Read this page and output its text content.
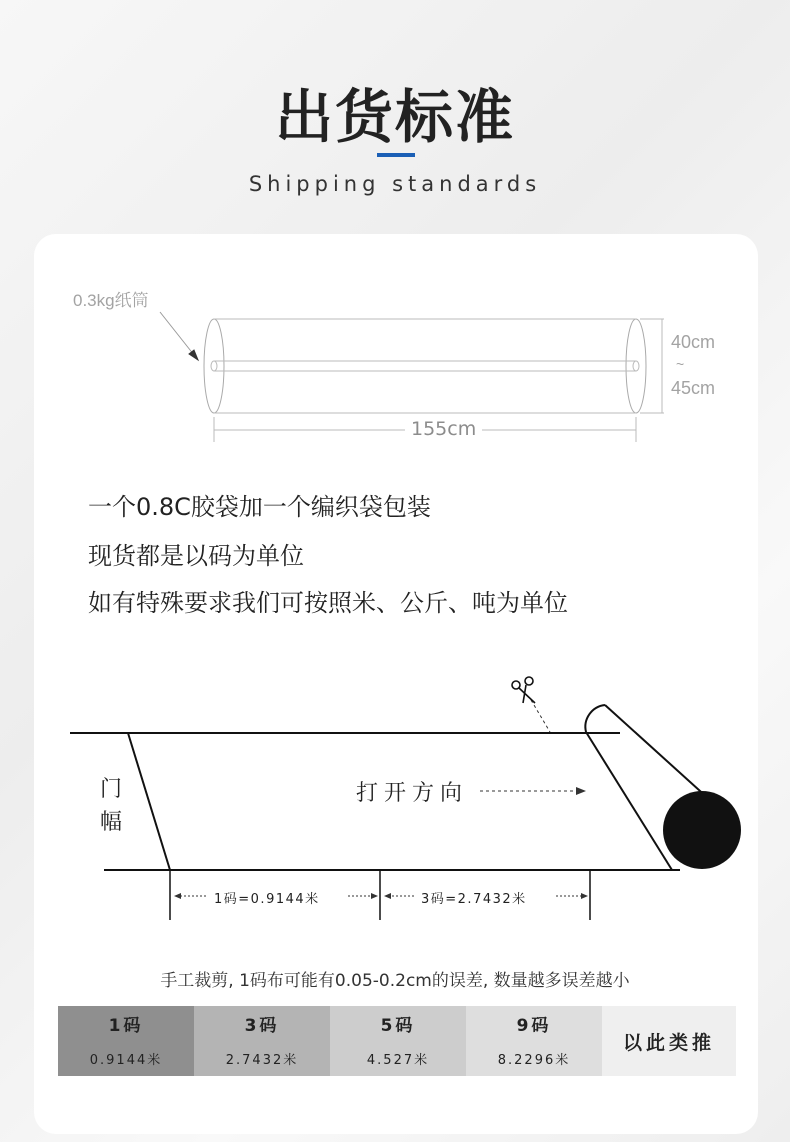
出货标准
Shipping standards
0.3kg纸筒
40cm
~
45cm
155cm
一个0.8C胶袋加一个编织袋包装
现货都是以码为单位
如有特殊要求我们可按照米、公斤、吨为单位
门
幅
打开方向
1码=0.9144米	3码=2.7432米
手工裁剪, 1码布可能有0.05-0.2cm的误差, 数量越多误差越小
1码
0.9144米
3码
2.7432米
5码
4.527米
9码
8.2296米
以此类推
